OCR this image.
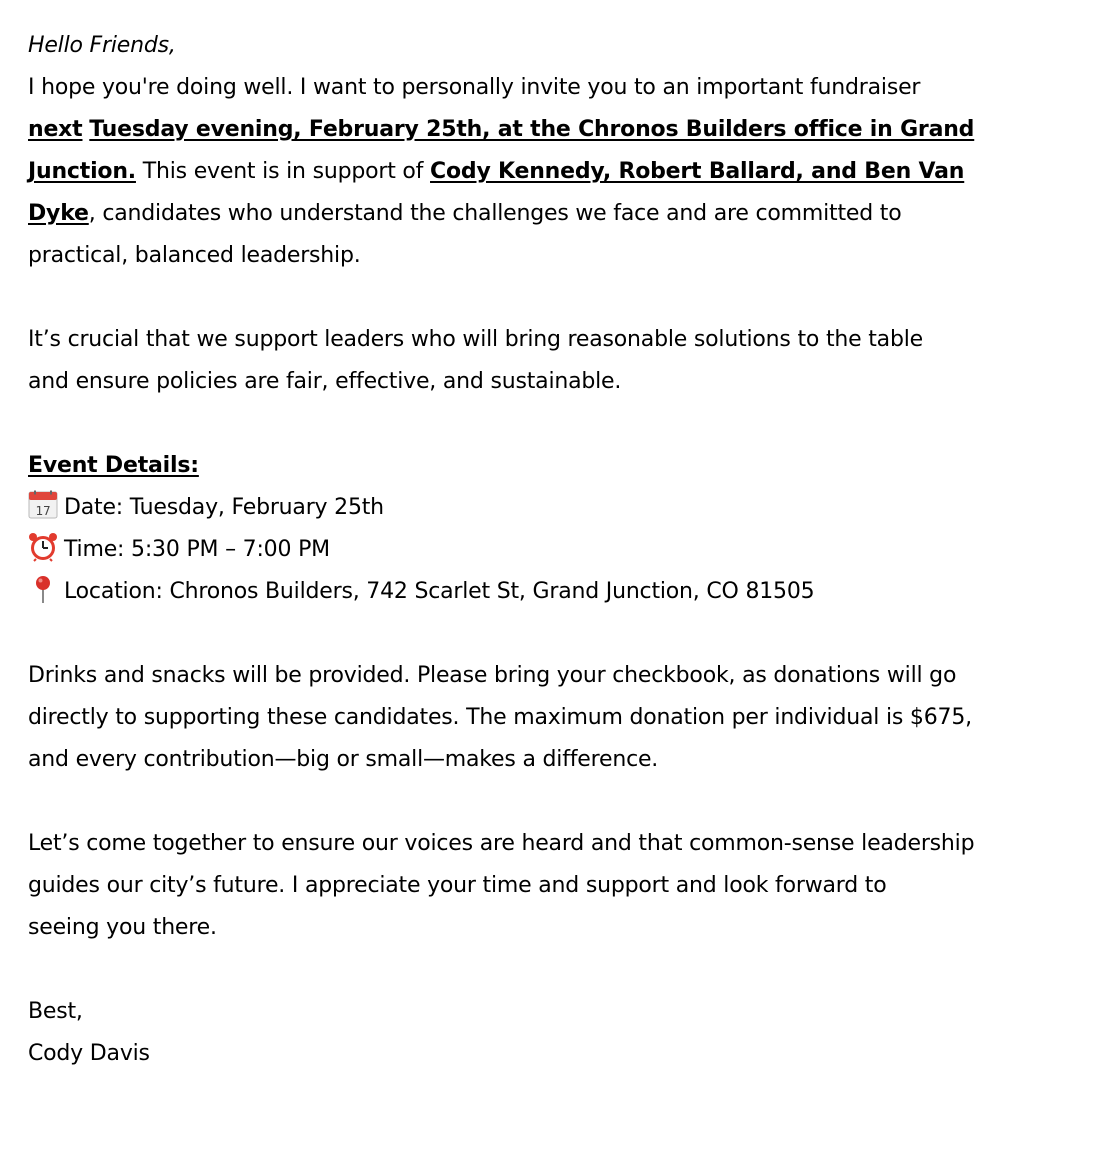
Hello Friends,
I hope you're doing well. I want to personally invite you to an important fundraiser
next Tuesday evening, February 25th, at the Chronos Builders office in Grand
Junction. This event is in support of Cody Kennedy, Robert Ballard, and Ben Van
Dyke, candidates who understand the challenges we face and are committed to
practical, balanced leadership.
It’s crucial that we support leaders who will bring reasonable solutions to the table
and ensure policies are fair, effective, and sustainable.
Event Details:
17 Date: Tuesday, February 25th
Time: 5:30 PM – 7:00 PM
Location: Chronos Builders, 742 Scarlet St, Grand Junction, CO 81505
Drinks and snacks will be provided. Please bring your checkbook, as donations will go
directly to supporting these candidates. The maximum donation per individual is $675,
and every contribution—big or small—makes a difference.
Let’s come together to ensure our voices are heard and that common-sense leadership
guides our city’s future. I appreciate your time and support and look forward to
seeing you there.
Best,
Cody Davis
